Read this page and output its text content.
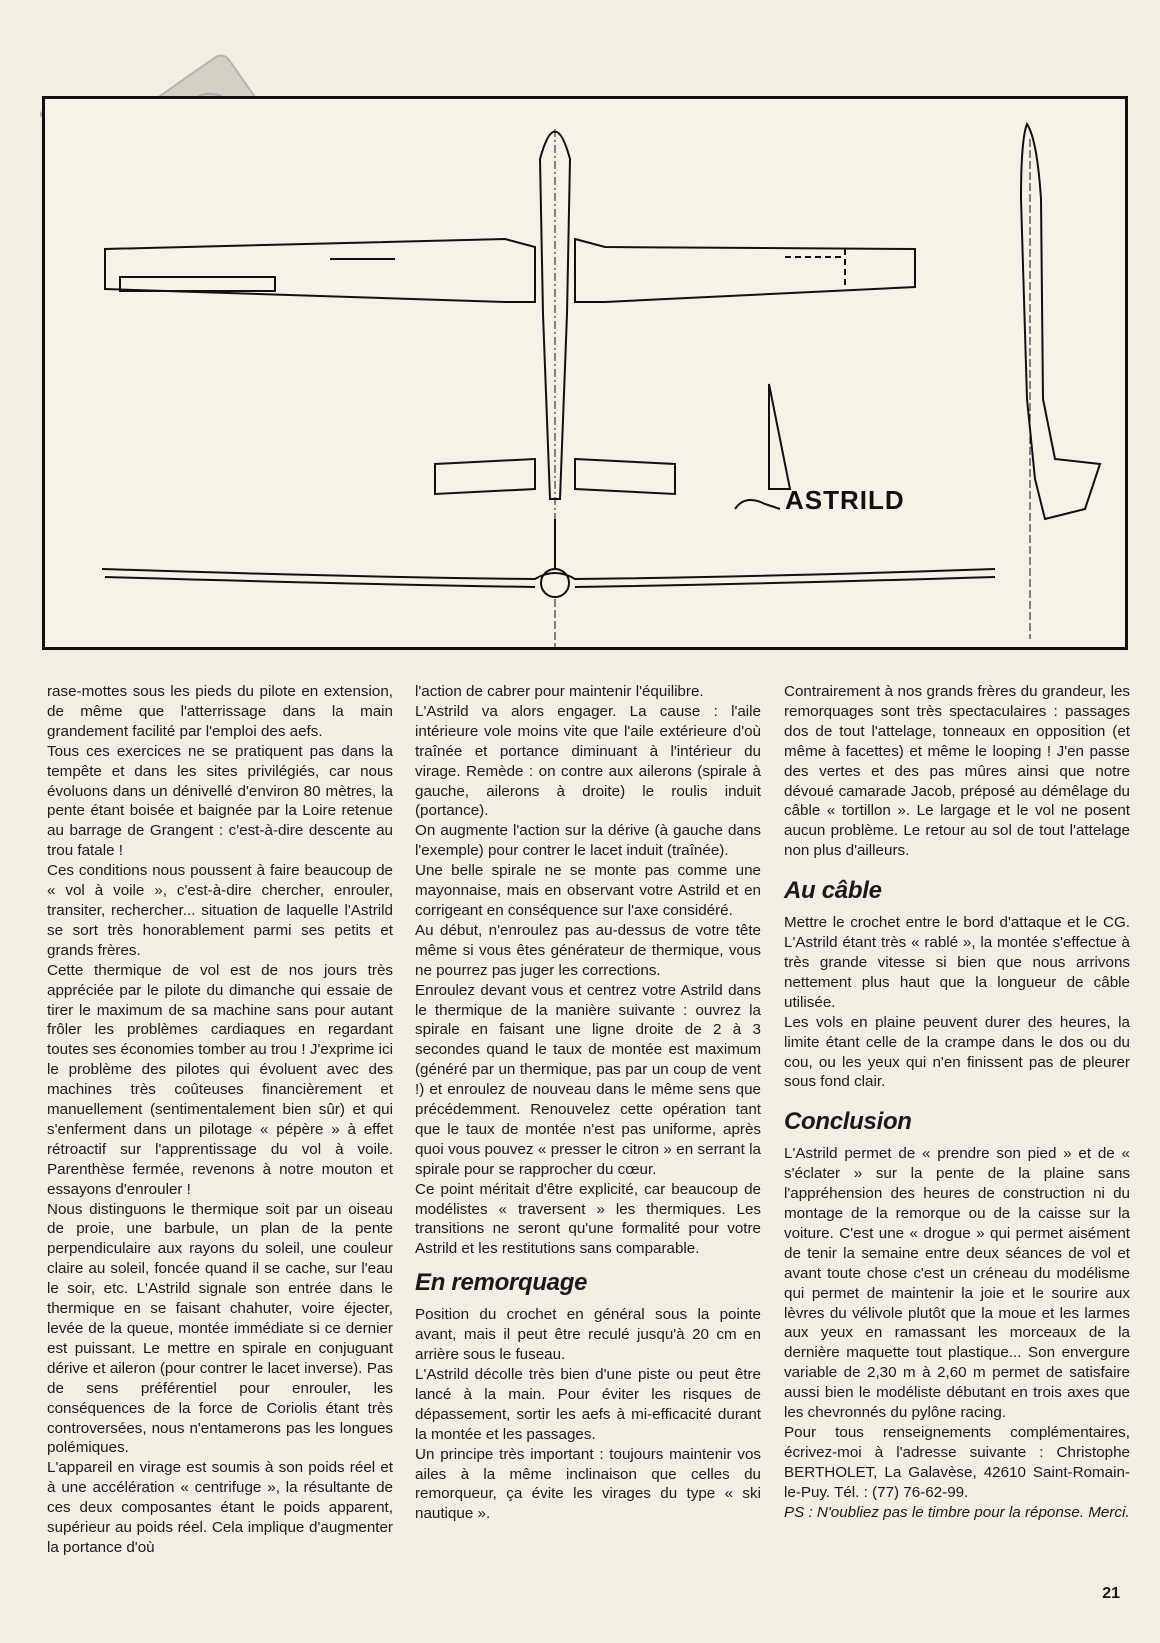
ASTRILD

rase-mottes sous les pieds du pilote en extension, de même que l'atterrissage dans la main grandement facilité par l'emploi des aefs.

Tous ces exercices ne se pratiquent pas dans la tempête et dans les sites privilégiés, car nous évoluons dans un dénivellé d'environ 80 mètres, la pente étant boisée et baignée par la Loire retenue au barrage de Grangent : c'est-à-dire descente au trou fatale !

Ces conditions nous poussent à faire beaucoup de « vol à voile », c'est-à-dire chercher, enrouler, transiter, rechercher... situation de laquelle l'Astrild se sort très honorablement parmi ses petits et grands frères.

Cette thermique de vol est de nos jours très appréciée par le pilote du dimanche qui essaie de tirer le maximum de sa machine sans pour autant frôler les problèmes cardiaques en regardant toutes ses économies tomber au trou ! J'exprime ici le problème des pilotes qui évoluent avec des machines très coûteuses financièrement et manuellement (sentimentalement bien sûr) et qui s'enferment dans un pilotage « pépère » à effet rétroactif sur l'apprentissage du vol à voile. Parenthèse fermée, revenons à notre mouton et essayons d'enrouler !

Nous distinguons le thermique soit par un oiseau de proie, une barbule, un plan de la pente perpendiculaire aux rayons du soleil, une couleur claire au soleil, foncée quand il se cache, sur l'eau le soir, etc. L'Astrild signale son entrée dans le thermique en se faisant chahuter, voire éjecter, levée de la queue, montée immédiate si ce dernier est puissant. Le mettre en spirale en conjuguant dérive et aileron (pour contrer le lacet inverse). Pas de sens préférentiel pour enrouler, les conséquences de la force de Coriolis étant très controversées, nous n'entamerons pas les longues polémiques.

L'appareil en virage est soumis à son poids réel et à une accélération « centrifuge », la résultante de ces deux composantes étant le poids apparent, supérieur au poids réel. Cela implique d'augmenter la portance d'où

l'action de cabrer pour maintenir l'équilibre.

L'Astrild va alors engager. La cause : l'aile intérieure vole moins vite que l'aile extérieure d'où traînée et portance diminuant à l'intérieur du virage. Remède : on contre aux ailerons (spirale à gauche, ailerons à droite) le roulis induit (portance).

On augmente l'action sur la dérive (à gauche dans l'exemple) pour contrer le lacet induit (traînée).

Une belle spirale ne se monte pas comme une mayonnaise, mais en observant votre Astrild et en corrigeant en conséquence sur l'axe considéré.

Au début, n'enroulez pas au-dessus de votre tête même si vous êtes générateur de thermique, vous ne pourrez pas juger les corrections.

Enroulez devant vous et centrez votre Astrild dans le thermique de la manière suivante : ouvrez la spirale en faisant une ligne droite de 2 à 3 secondes quand le taux de montée est maximum (généré par un thermique, pas par un coup de vent !) et enroulez de nouveau dans le même sens que précédemment. Renouvelez cette opération tant que le taux de montée n'est pas uniforme, après quoi vous pouvez « presser le citron » en serrant la spirale pour se rapprocher du cœur.

Ce point méritait d'être explicité, car beaucoup de modélistes « traversent » les thermiques. Les transitions ne seront qu'une formalité pour votre Astrild et les restitutions sans comparable.

En remorquage

Position du crochet en général sous la pointe avant, mais il peut être reculé jusqu'à 20 cm en arrière sous le fuseau.

L'Astrild décolle très bien d'une piste ou peut être lancé à la main. Pour éviter les risques de dépassement, sortir les aefs à mi-efficacité durant la montée et les passages.

Un principe très important : toujours maintenir vos ailes à la même inclinaison que celles du remorqueur, ça évite les virages du type « ski nautique ».

Contrairement à nos grands frères du grandeur, les remorquages sont très spectaculaires : passages dos de tout l'attelage, tonneaux en opposition (et même à facettes) et même le looping ! J'en passe des vertes et des pas mûres ainsi que notre dévoué camarade Jacob, préposé au démêlage du câble « tortillon ». Le largage et le vol ne posent aucun problème. Le retour au sol de tout l'attelage non plus d'ailleurs.

Au câble

Mettre le crochet entre le bord d'attaque et le CG. L'Astrild étant très « rablé », la montée s'effectue à très grande vitesse si bien que nous arrivons nettement plus haut que la longueur de câble utilisée.

Les vols en plaine peuvent durer des heures, la limite étant celle de la crampe dans le dos ou du cou, ou les yeux qui n'en finissent pas de pleurer sous fond clair.

Conclusion

L'Astrild permet de « prendre son pied » et de « s'éclater » sur la pente de la plaine sans l'appréhension des heures de construction ni du montage de la remorque ou de la caisse sur la voiture. C'est une « drogue » qui permet aisément de tenir la semaine entre deux séances de vol et avant toute chose c'est un créneau du modélisme qui permet de maintenir la joie et le sourire aux lèvres du vélivole plutôt que la moue et les larmes aux yeux en ramassant les morceaux de la dernière maquette tout plastique... Son envergure variable de 2,30 m à 2,60 m permet de satisfaire aussi bien le modéliste débutant en trois axes que les chevronnés du pylône racing.

Pour tous renseignements complémentaires, écrivez-moi à l'adresse suivante : Christophe BERTHOLET, La Galavèse, 42610 Saint-Romain-le-Puy. Tél. : (77) 76-62-99.

PS : N'oubliez pas le timbre pour la réponse. Merci.

21
